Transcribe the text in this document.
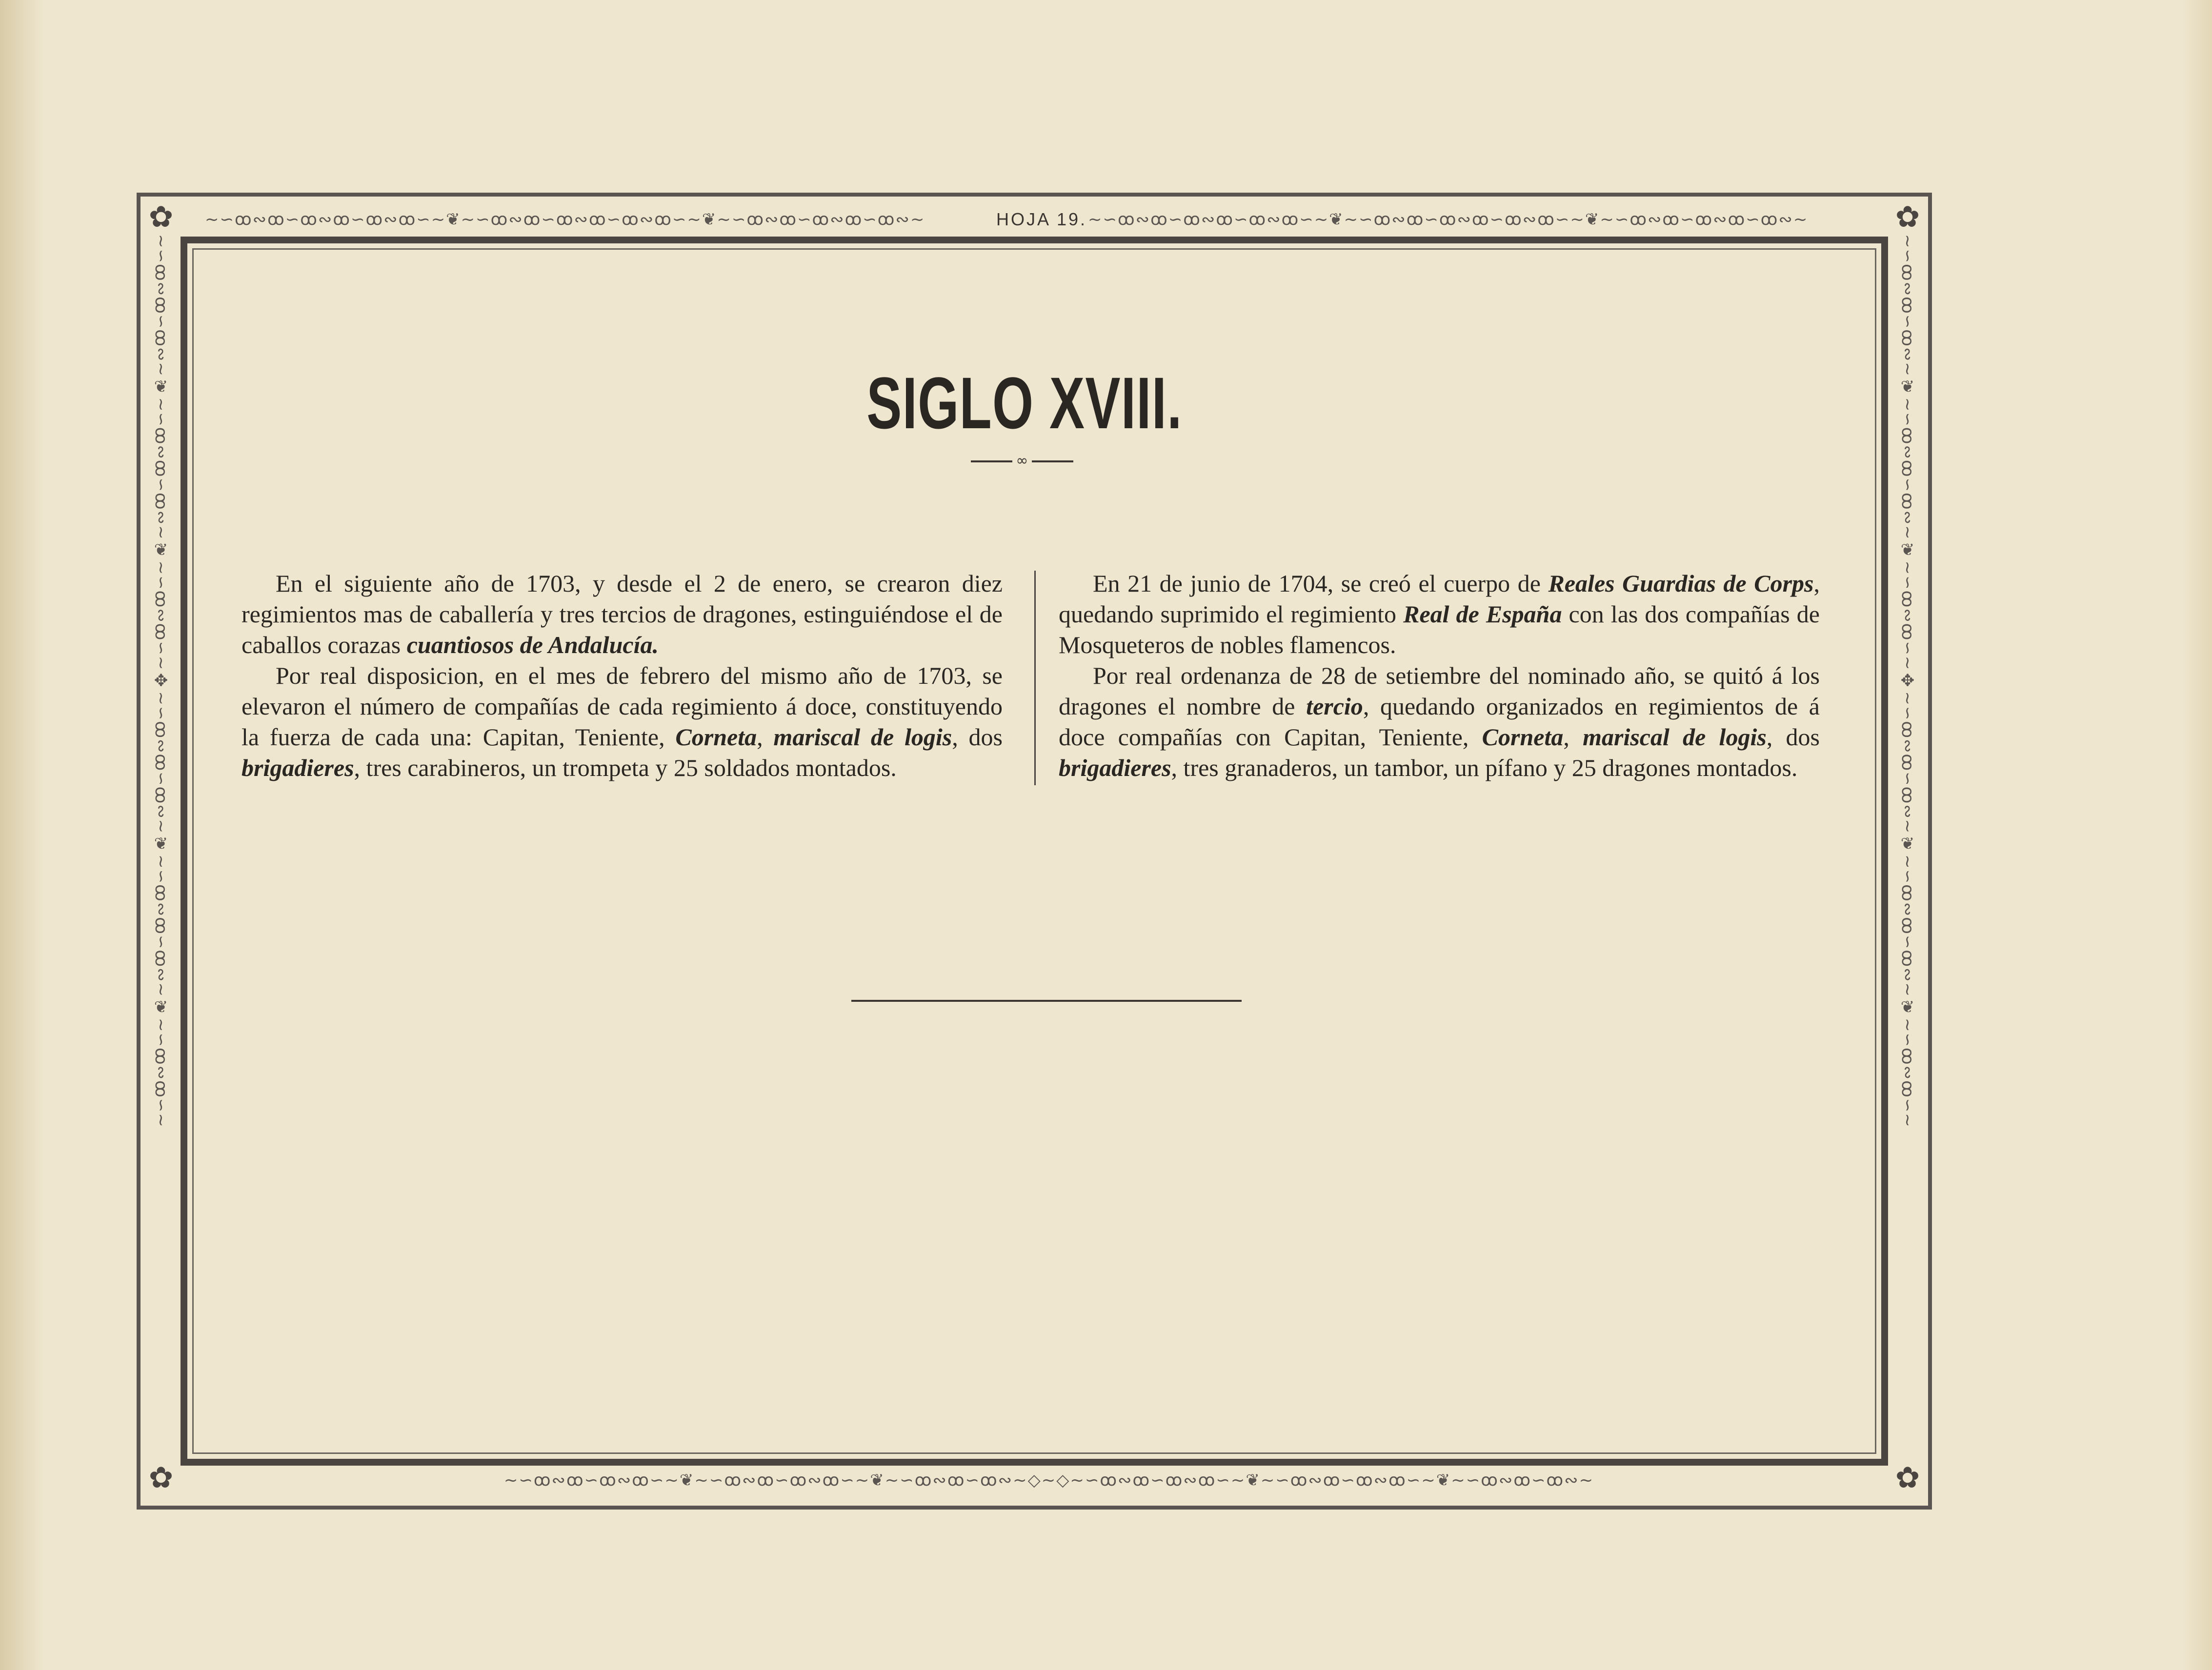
~∽ꝏ∾ꝏ∽ꝏ∾ꝏ∽ꝏ∾ꝏ∽~❦~∽ꝏ∾ꝏ∽ꝏ∾ꝏ∽ꝏ∾ꝏ∽~❦~∽ꝏ∾ꝏ∽ꝏ∾ꝏ∽ꝏ∾~	~∽ꝏ∾ꝏ∽ꝏ∾ꝏ∽ꝏ∾ꝏ∽~❦~∽ꝏ∾ꝏ∽ꝏ∾ꝏ∽ꝏ∾ꝏ∽~❦~∽ꝏ∾ꝏ∽ꝏ∾ꝏ∽ꝏ∾~
~∽ꝏ∾ꝏ∽ꝏ∾ꝏ∽~❦~∽ꝏ∾ꝏ∽ꝏ∾ꝏ∽~❦~∽ꝏ∾ꝏ∽ꝏ∾~◇~◇~∽ꝏ∾ꝏ∽ꝏ∾ꝏ∽~❦~∽ꝏ∾ꝏ∽ꝏ∾ꝏ∽~❦~∽ꝏ∾ꝏ∽ꝏ∾~
~∽ꝏ∾ꝏ∽ꝏ∾~❦~∽ꝏ∾ꝏ∽ꝏ∾~❦~∽ꝏ∾ꝏ∽~✥~∽ꝏ∾ꝏ∽ꝏ∾~❦~∽ꝏ∾ꝏ∽ꝏ∾~❦~∽ꝏ∾ꝏ∽~	~∽ꝏ∾ꝏ∽ꝏ∾~❦~∽ꝏ∾ꝏ∽ꝏ∾~❦~∽ꝏ∾ꝏ∽~✥~∽ꝏ∾ꝏ∽ꝏ∾~❦~∽ꝏ∾ꝏ∽ꝏ∾~❦~∽ꝏ∾ꝏ∽~
✿	✿
✿	✿
HOJA 19.
SIGLO XVIII.
∞

En el siguiente año de 1703, y desde el 2 de enero, se crearon diez regimientos mas de caballería y tres tercios de dragones, estinguiéndose el de caballos corazas cuantiosos de Andalucía.

Por real disposicion, en el mes de febrero del mismo año de 1703, se elevaron el número de compañías de cada regimiento á doce, constituyendo la fuerza de cada una: Capitan, Teniente, Corneta, mariscal de logis, dos brigadieres, tres carabineros, un trompeta y 25 soldados montados.

En 21 de junio de 1704, se creó el cuerpo de Reales Guardias de Corps, quedando suprimido el regimiento Real de España con las dos compañías de Mosqueteros de nobles flamencos.

Por real ordenanza de 28 de setiembre del nominado año, se quitó á los dragones el nombre de tercio, quedando organizados en regimientos de á doce compañías con Capitan, Teniente, Corneta, mariscal de logis, dos brigadieres, tres granaderos, un tambor, un pífano y 25 dragones montados.
